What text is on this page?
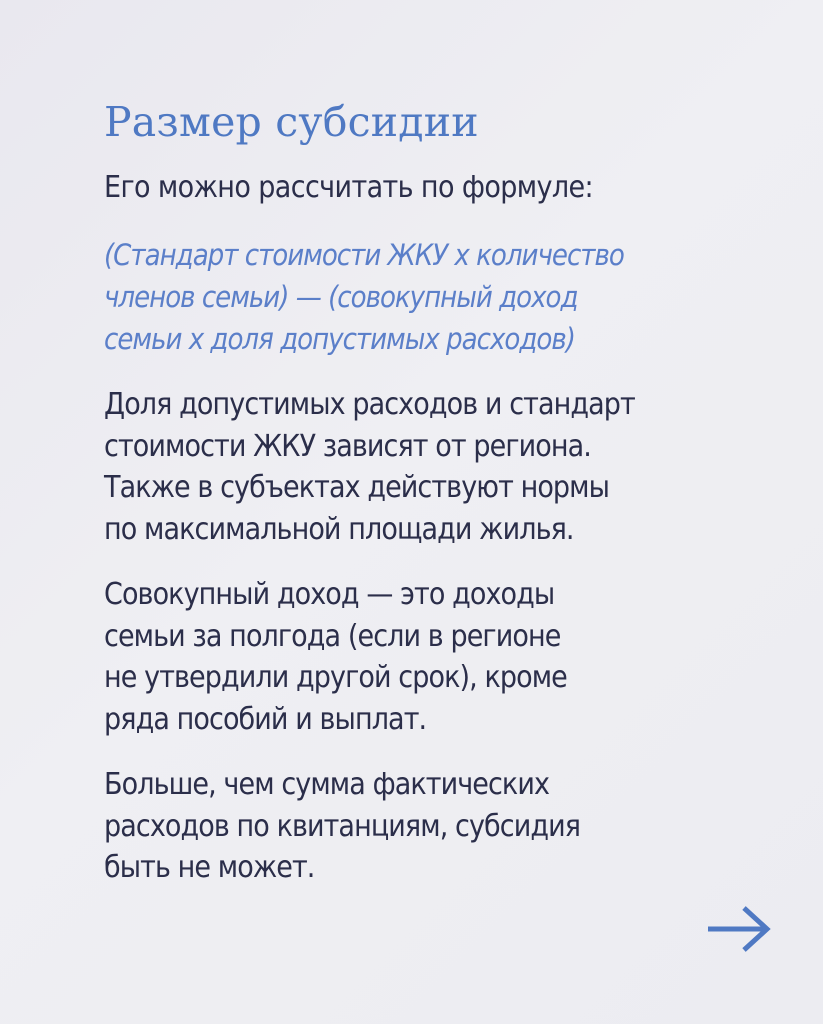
Размер субсидии

Его можно рассчитать по формуле:

(Стандарт стоимости ЖКУ х количество
членов семьи) — (совокупный доход
семьи х доля допустимых расходов)

Доля допустимых расходов и стандарт
стоимости ЖКУ зависят от региона.
Также в субъектах действуют нормы
по максимальной площади жилья.

Совокупный доход — это доходы
семьи за полгода (если в регионе
не утвердили другой срок), кроме
ряда пособий и выплат.

Больше, чем сумма фактических
расходов по квитанциям, субсидия
быть не может.
